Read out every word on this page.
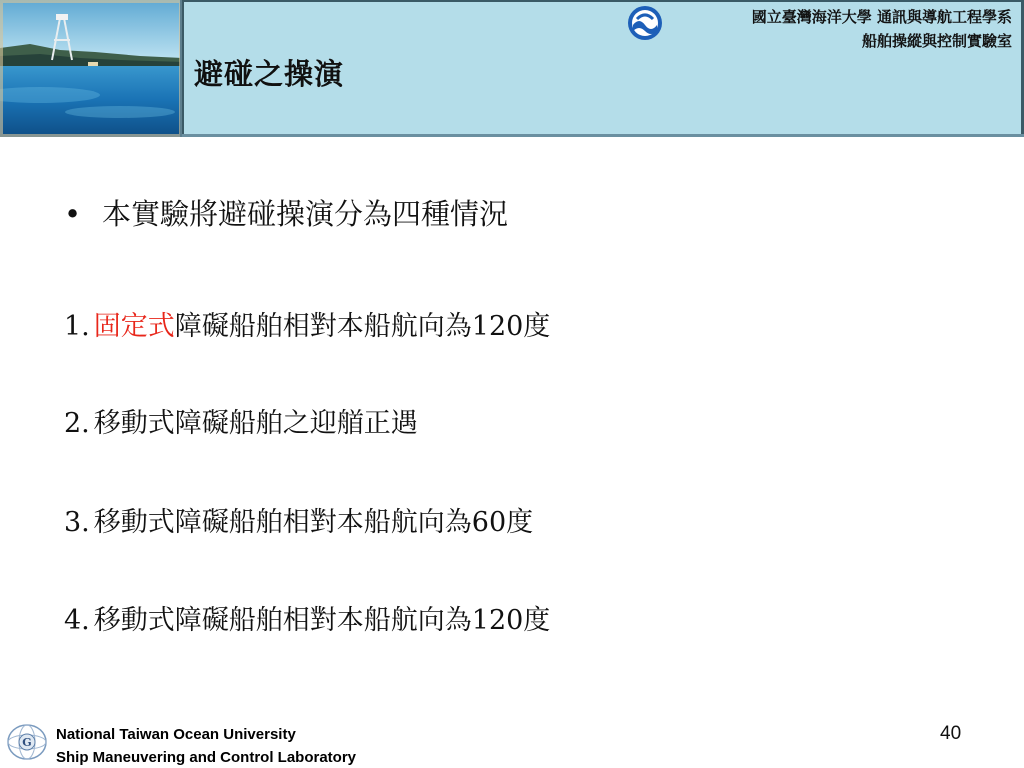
避碰之操演
國立臺灣海洋大學 通訊與導航工程學系
船舶操縱與控制實驗室
• 本實驗將避碰操演分為四種情況
1. 固定式障礙船舶相對本船航向為120度
2. 移動式障礙船舶之迎艏正遇
3. 移動式障礙船舶相對本船航向為60度
4. 移動式障礙船舶相對本船航向為120度
G National Taiwan Ocean University
Ship Maneuvering and Control Laboratory
40
